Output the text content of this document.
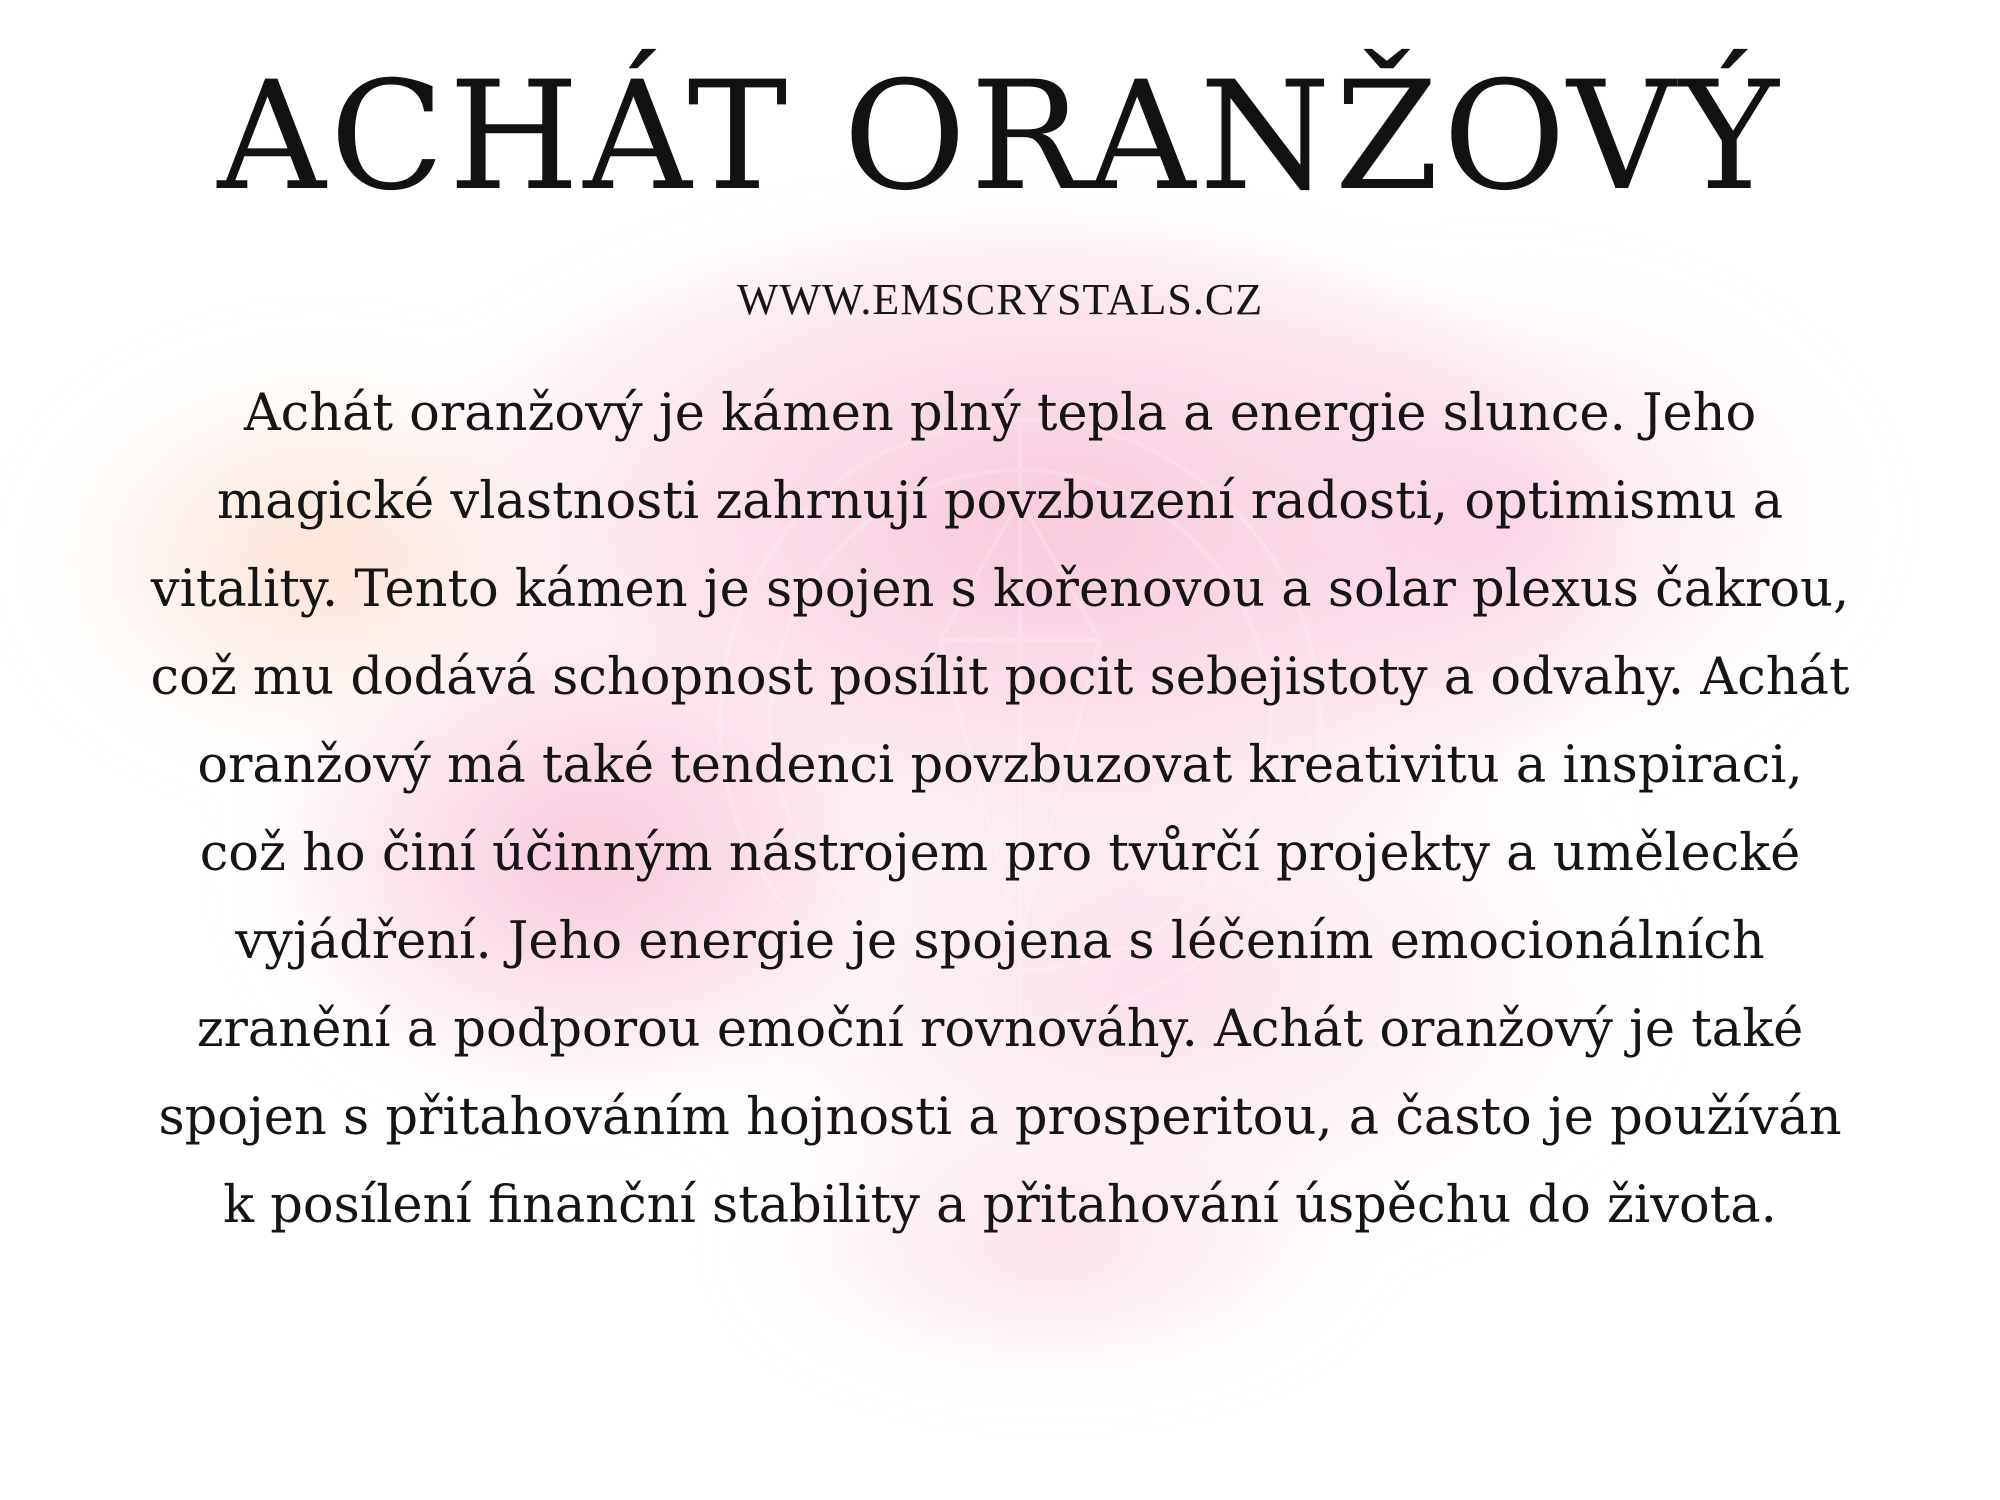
ACHÁT ORANŽOVÝ
WWW.EMSCRYSTALS.CZ
Achát oranžový je kámen plný tepla a energie slunce. Jeho
magické vlastnosti zahrnují povzbuzení radosti, optimismu a
vitality. Tento kámen je spojen s kořenovou a solar plexus čakrou,
což mu dodává schopnost posílit pocit sebejistoty a odvahy. Achát
oranžový má také tendenci povzbuzovat kreativitu a inspiraci,
což ho činí účinným nástrojem pro tvůrčí projekty a umělecké
vyjádření. Jeho energie je spojena s léčením emocionálních
zranění a podporou emoční rovnováhy. Achát oranžový je také
spojen s přitahováním hojnosti a prosperitou, a často je používán
k posílení finanční stability a přitahování úspěchu do života.
